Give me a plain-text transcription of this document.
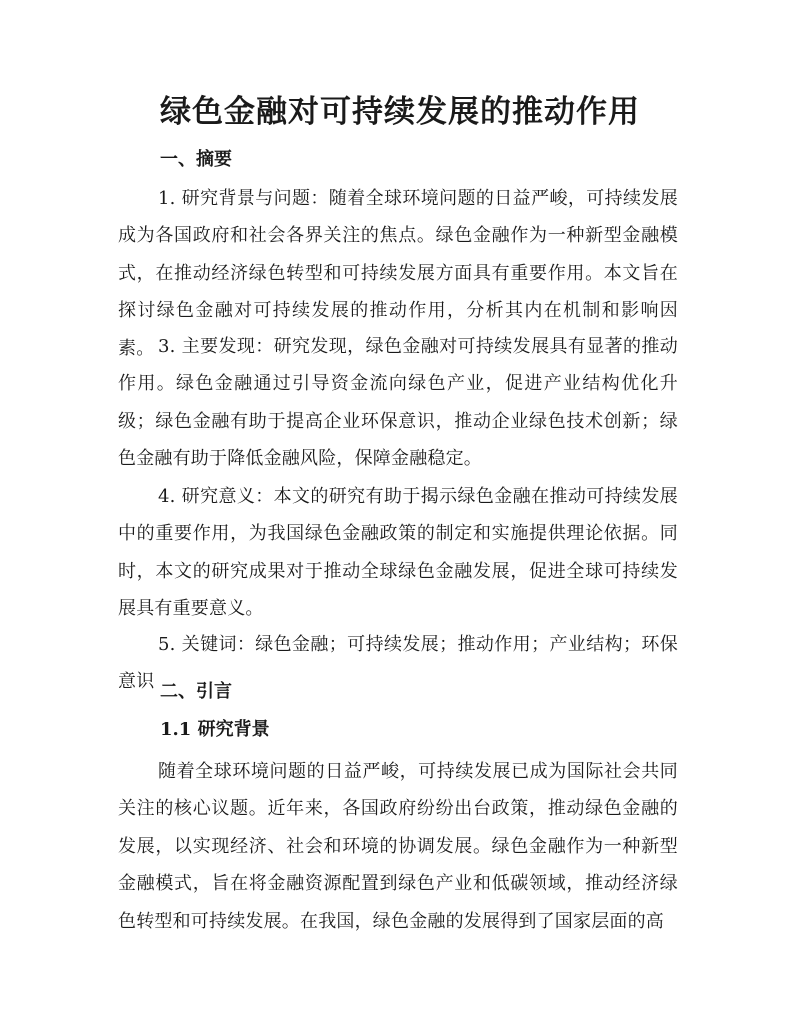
绿色金融对可持续发展的推动作用
一、摘要

1. 研究背景与问题：随着全球环境问题的日益严峻，可持续发展成为各国政府和社会各界关注的焦点。绿色金融作为一种新型金融模式，在推动经济绿色转型和可持续发展方面具有重要作用。本文旨在探讨绿色金融对可持续发展的推动作用，分析其内在机制和影响因素。 3. 主要发现：研究发现，绿色金融对可持续发展具有显著的推动作用。绿色金融通过引导资金流向绿色产业，促进产业结构优化升级；绿色金融有助于提高企业环保意识，推动企业绿色技术创新；绿色金融有助于降低金融风险，保障金融稳定。

4. 研究意义：本文的研究有助于揭示绿色金融在推动可持续发展中的重要作用，为我国绿色金融政策的制定和实施提供理论依据。同时，本文的研究成果对于推动全球绿色金融发展，促进全球可持续发展具有重要意义。

5. 关键词：绿色金融；可持续发展；推动作用；产业结构；环保意识 二、引言
1.1 研究背景

随着全球环境问题的日益严峻，可持续发展已成为国际社会共同关注的核心议题。近年来，各国政府纷纷出台政策，推动绿色金融的发展，以实现经济、社会和环境的协调发展。绿色金融作为一种新型金融模式，旨在将金融资源配置到绿色产业和低碳领域，推动经济绿色转型和可持续发展。在我国，绿色金融的发展得到了国家层面的高
